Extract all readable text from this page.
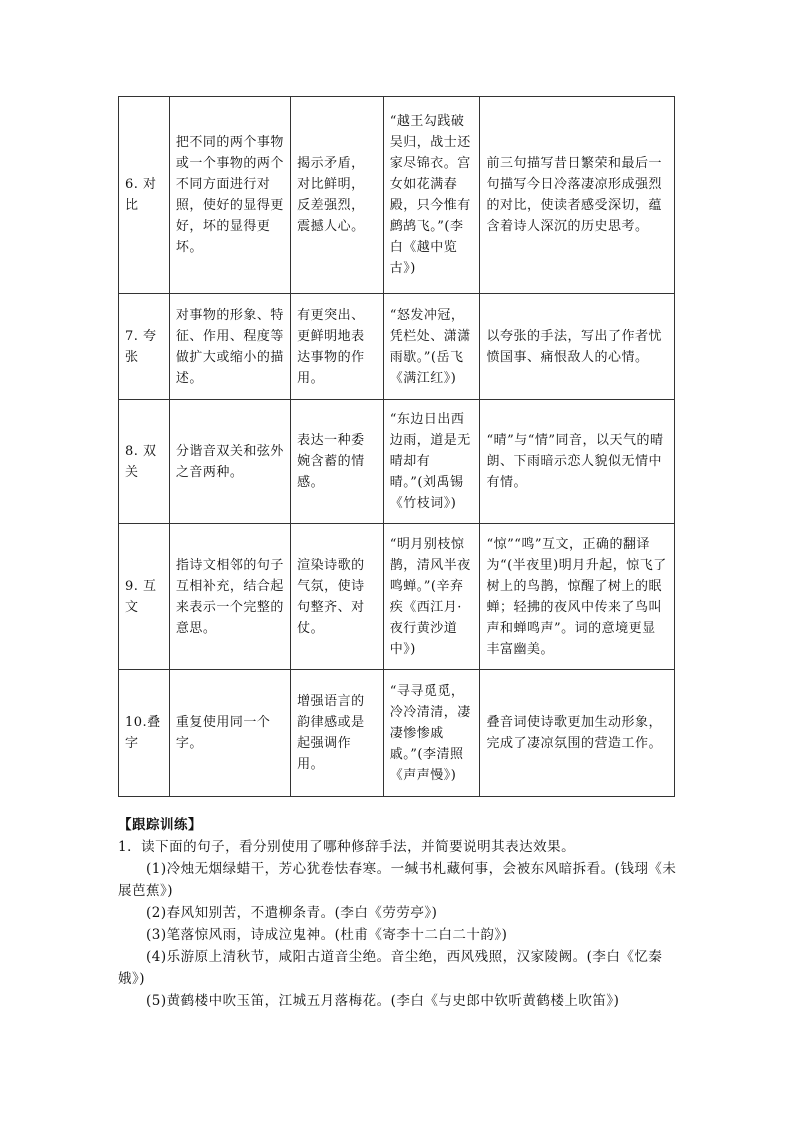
6. 对比	把不同的两个事物或一个事物的两个不同方面进行对照，使好的显得更好，坏的显得更坏。	揭示矛盾，对比鲜明，反差强烈，震撼人心。	“越王勾践破吴归，战士还家尽锦衣。宫女如花满春殿，只今惟有鹧鸪飞。”(李白《越中览古》)	前三句描写昔日繁荣和最后一句描写今日冷落凄凉形成强烈的对比，使读者感受深切，蕴含着诗人深沉的历史思考。
7. 夸张	对事物的形象、特征、作用、程度等做扩大或缩小的描述。	有更突出、更鲜明地表达事物的作用。	“怒发冲冠，凭栏处、潇潇雨歇。”(岳飞《满江红》)	以夸张的手法，写出了作者忧愤国事、痛恨敌人的心情。
8. 双关	分谐音双关和弦外之音两种。	表达一种委婉含蓄的情感。	“东边日出西边雨，道是无晴却有晴。”(刘禹锡《竹枝词》)	“晴”与“情”同音，以天气的晴朗、下雨暗示恋人貌似无情中有情。
9. 互文	指诗文相邻的句子互相补充，结合起来表示一个完整的意思。	渲染诗歌的气氛，使诗句整齐、对仗。	“明月别枝惊鹊，清风半夜鸣蝉。”(辛弃疾《西江月·夜行黄沙道中》)	“惊”“鸣”互文，正确的翻译为“(半夜里)明月升起，惊飞了树上的鸟鹊，惊醒了树上的眠蝉；轻拂的夜风中传来了鸟叫声和蝉鸣声”。词的意境更显丰富幽美。
10.叠字	重复使用同一个字。	增强语言的韵律感或是起强调作用。	“寻寻觅觅，冷冷清清，凄凄惨惨戚戚。”(李清照《声声慢》)	叠音词使诗歌更加生动形象，完成了凄凉氛围的营造工作。

【跟踪训练】

1．读下面的句子，看分别使用了哪种修辞手法，并简要说明其表达效果。

(1)冷烛无烟绿蜡干，芳心犹卷怯春寒。一缄书札藏何事，会被东风暗拆看。(钱珝《未展芭蕉》)

(2)春风知别苦，不遣柳条青。(李白《劳劳亭》)

(3)笔落惊风雨，诗成泣鬼神。(杜甫《寄李十二白二十韵》)

(4)乐游原上清秋节，咸阳古道音尘绝。音尘绝，西风残照，汉家陵阙。(李白《忆秦娥》)

(5)黄鹤楼中吹玉笛，江城五月落梅花。(李白《与史郎中钦听黄鹤楼上吹笛》)
